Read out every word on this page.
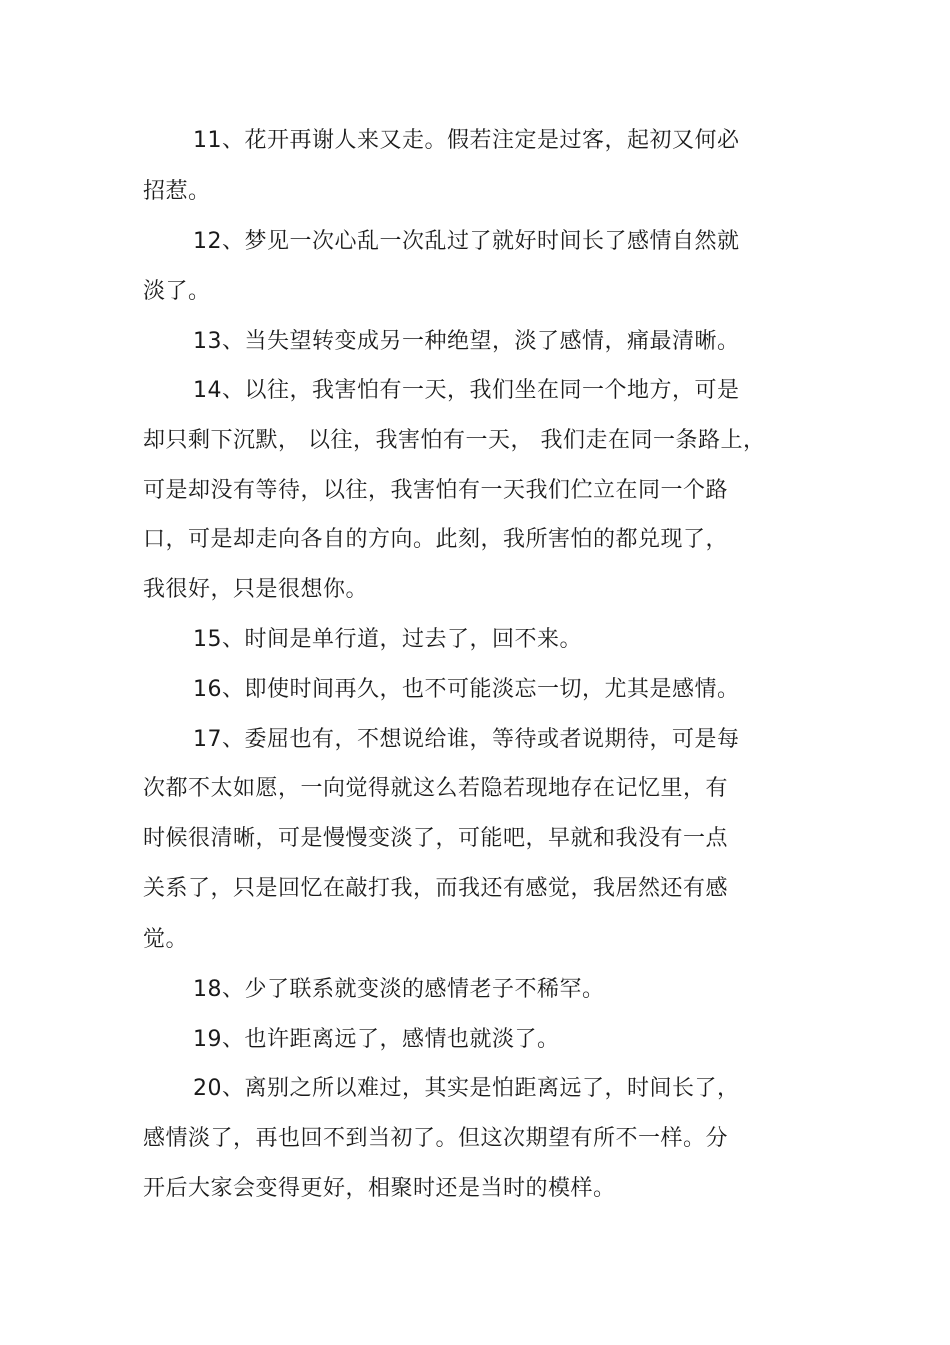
11、花开再谢人来又走。假若注定是过客，起初又何必
招惹。
12、梦见一次心乱一次乱过了就好时间长了感情自然就
淡了。
13、当失望转变成另一种绝望，淡了感情，痛最清晰。
14、以往，我害怕有一天，我们坐在同一个地方，可是
却只剩下沉默， 以往，我害怕有一天， 我们走在同一条路上，
可是却没有等待，以往，我害怕有一天我们伫立在同一个路
口，可是却走向各自的方向。此刻，我所害怕的都兑现了，
我很好，只是很想你。
15、时间是单行道，过去了，回不来。
16、即使时间再久，也不可能淡忘一切，尤其是感情。
17、委屈也有，不想说给谁，等待或者说期待，可是每
次都不太如愿，一向觉得就这么若隐若现地存在记忆里，有
时候很清晰，可是慢慢变淡了，可能吧，早就和我没有一点
关系了，只是回忆在敲打我，而我还有感觉，我居然还有感
觉。
18、少了联系就变淡的感情老子不稀罕。
19、也许距离远了，感情也就淡了。
20、离别之所以难过，其实是怕距离远了，时间长了，
感情淡了，再也回不到当初了。但这次期望有所不一样。分
开后大家会变得更好，相聚时还是当时的模样。
